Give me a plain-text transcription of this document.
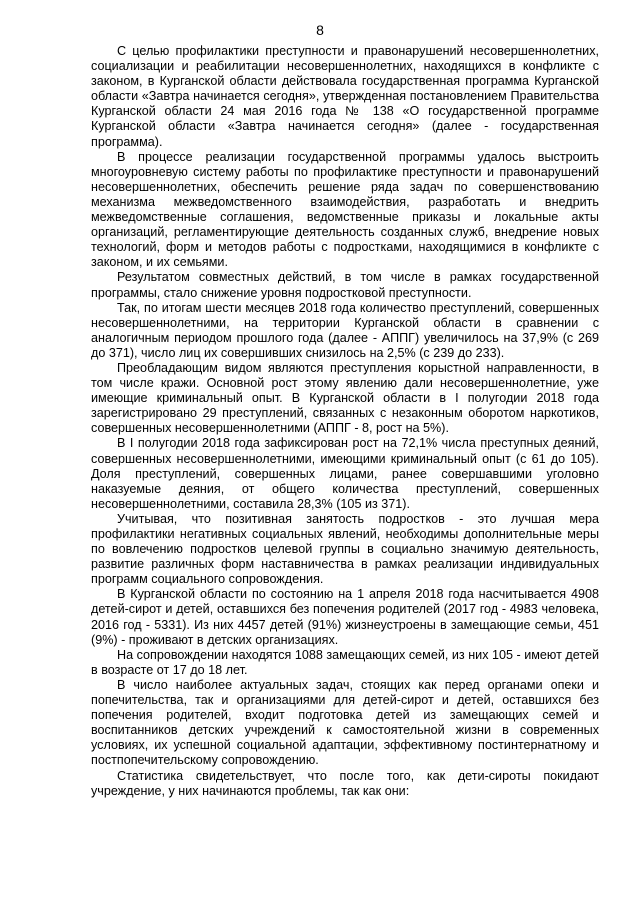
8

С целью профилактики преступности и правонарушений несовершеннолетних, социализации и реабилитации несовершеннолетних, находящихся в конфликте с законом, в Курганской области действовала государственная программа Курганской области «Завтра начинается сегодня», утвержденная постановлением Правительства Курганской области 24 мая 2016 года № 138 «О государственной программе Курганской области «Завтра начинается сегодня» (далее - государственная программа).

В процессе реализации государственной программы удалось выстроить многоуровневую систему работы по профилактике преступности и правонарушений несовершеннолетних, обеспечить решение ряда задач по совершенствованию механизма межведомственного взаимодействия, разработать и внедрить межведомственные соглашения, ведомственные приказы и локальные акты организаций, регламентирующие деятельность созданных служб, внедрение новых технологий, форм и методов работы с подростками, находящимися в конфликте с законом, и их семьями.

Результатом совместных действий, в том числе в рамках государственной программы, стало снижение уровня подростковой преступности.

Так, по итогам шести месяцев 2018 года количество преступлений, совершенных несовершеннолетними, на территории Курганской области в сравнении с аналогичным периодом прошлого года (далее - АППГ) увеличилось на 37,9% (с 269 до 371), число лиц их совершивших снизилось на 2,5% (с 239 до 233).

Преобладающим видом являются преступления корыстной направленности, в том числе кражи. Основной рост этому явлению дали несовершеннолетние, уже имеющие криминальный опыт. В Курганской области в I полугодии 2018 года зарегистрировано 29 преступлений, связанных с незаконным оборотом наркотиков, совершенных несовершеннолетними (АППГ - 8, рост на 5%).

В I полугодии 2018 года зафиксирован рост на 72,1% числа преступных деяний, совершенных несовершеннолетними, имеющими криминальный опыт (с 61 до 105). Доля преступлений, совершенных лицами, ранее совершавшими уголовно наказуемые деяния, от общего количества преступлений, совершенных несовершеннолетними, составила 28,3% (105 из 371).

Учитывая, что позитивная занятость подростков - это лучшая мера профилактики негативных социальных явлений, необходимы дополнительные меры по вовлечению подростков целевой группы в социально значимую деятельность, развитие различных форм наставничества в рамках реализации индивидуальных программ социального сопровождения.

В Курганской области по состоянию на 1 апреля 2018 года насчитывается 4908 детей-сирот и детей, оставшихся без попечения родителей (2017 год - 4983 человека, 2016 год - 5331). Из них 4457 детей (91%) жизнеустроены в замещающие семьи, 451 (9%) - проживают в детских организациях.

На сопровождении находятся 1088 замещающих семей, из них 105 - имеют детей в возрасте от 17 до 18 лет.

В число наиболее актуальных задач, стоящих как перед органами опеки и попечительства, так и организациями для детей-сирот и детей, оставшихся без попечения родителей, входит подготовка детей из замещающих семей и воспитанников детских учреждений к самостоятельной жизни в современных условиях, их успешной социальной адаптации, эффективному постинтернатному и постпопечительскому сопровождению.

Статистика свидетельствует, что после того, как дети-сироты покидают учреждение, у них начинаются проблемы, так как они:
